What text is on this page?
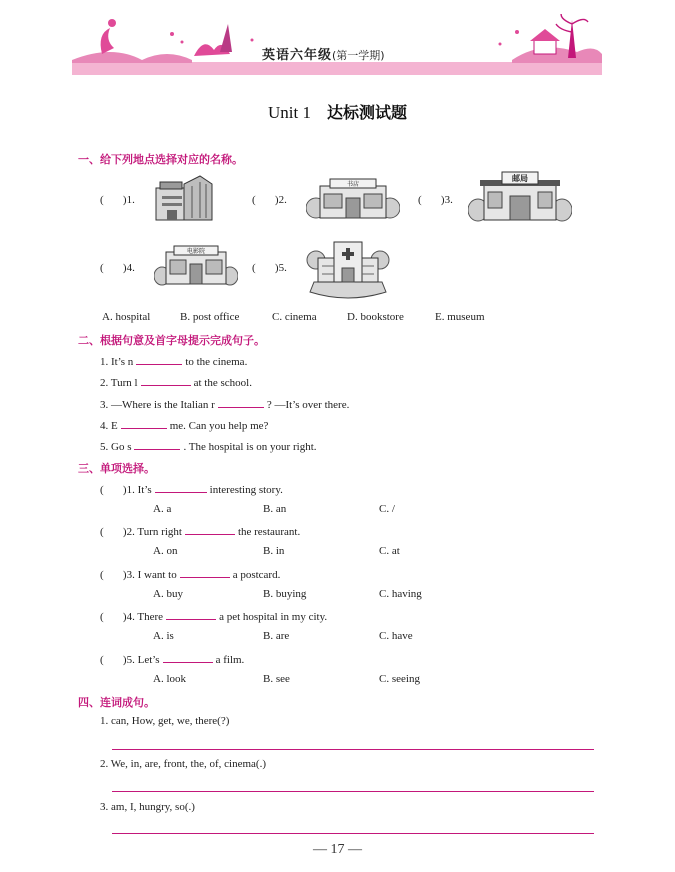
英语六年级(第一学期)
Unit 1 达标测试题
一、给下列地点选择对应的名称。
(       )1.	(       )2.
书店
(       )3.
邮局
(       )4.
电影院
(       )5.
A. hospital	B. post office	C. cinema	D. bookstore	E. museum
二、根据句意及首字母提示完成句子。
1. It’s n	to the cinema.
2. Turn l	at the school.
3. —Where is the Italian r	? —It’s over there.
4. E	me. Can you help me?
5. Go s	. The hospital is on your right.
三、单项选择。
(       )1. It’s	interesting story.
A. a	B. an	C. /
(       )2. Turn right	the restaurant.
A. on	B. in	C. at
(       )3. I want to	a postcard.
A. buy	B. buying	C. having
(       )4. There	a pet hospital in my city.
A. is	B. are	C. have
(       )5. Let’s	a film.
A. look	B. see	C. seeing
四、连词成句。
1. can, How, get, we, there(?)
2. We, in, are, front, the, of, cinema(.)
3. am, I, hungry, so(.)
— 17 —
